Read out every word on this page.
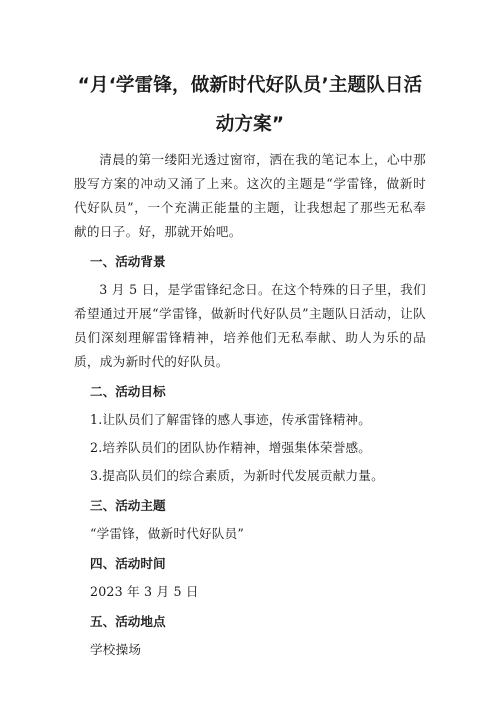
“月‘学雷锋，做新时代好队员’主题队日活
动方案”

清晨的第一缕阳光透过窗帘，洒在我的笔记本上，心中那股写方案的冲动又涌了上来。这次的主题是“学雷锋，做新时代好队员”，一个充满正能量的主题，让我想起了那些无私奉献的日子。好，那就开始吧。

一、活动背景

3 月 5 日，是学雷锋纪念日。在这个特殊的日子里，我们希望通过开展“学雷锋，做新时代好队员”主题队日活动，让队员们深刻理解雷锋精神，培养他们无私奉献、助人为乐的品质，成为新时代的好队员。

二、活动目标
1.让队员们了解雷锋的感人事迹，传承雷锋精神。
2.培养队员们的团队协作精神，增强集体荣誉感。
3.提高队员们的综合素质，为新时代发展贡献力量。
三、活动主题
“学雷锋，做新时代好队员”
四、活动时间
2023 年 3 月 5 日
五、活动地点
学校操场
